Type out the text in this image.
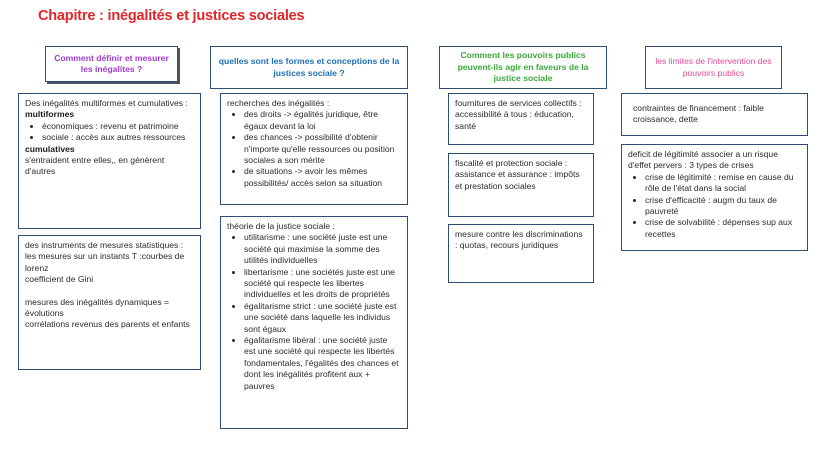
Chapitre : inégalités et justices sociales
Comment définir et mesurer les inégalites ?

Des inégalités multiformes et cumulatives :

multiformes

• économiques : revenu et patrimoine
• sociale : accès aux autres ressources

cumulatives

s'entraident entre elles,, en génèrent d'autres

des instruments de mesures statistiques :

les mesures sur un instants T :courbes de lorenz

coefficient de Gini

mesures des inégalités dynamiques = évolutions

corrélations revenus des parents et enfants

quelles sont les formes et conceptions de la justices sociale ?

recherches des inégalités :

• des droits -> égalités juridique, être égaux devant la loi
• des chances -> possibilité d'obtenir n'importe qu'elle ressources ou position sociales a son mérite
• de situations -> avoir les mêmes possibilités/ accès selon sa situation

théorie de la justice sociale :

• utilitarisme : une société juste est une société qui maximise la somme des utilités individuelles
• libertarisme : une sociétés juste est une société qui respecte les libertes individuelles et les droits de propriétés
• égalitarisme strict : une société juste est une société dans laquelle les individus sont égaux
• égalitarisme libéral : une société juste est une société qui respecte les libertés fondamentales, l'égalités des chances et dont les inégalités profitent aux + pauvres
Comment les pouvoirs publics peuvent-ils agir en faveurs de la justice sociale

fournitures de services collectifs : accessibilité à tous : éducation, santé

fiscalité et protection sociale : assistance et assurance : impôts et prestation sociales

mesure contre les discriminations : quotas, recours juridiques

les limites de l'intervention des pouvoirs publics

contraintes de financement : faible croissance, dette

deficit de légitimité associer a un risque d'effet pervers : 3 types de crises

• crise de légitimité : remise en cause du rôle de l'état dans la social
• crise d'efficacité : augm du taux de pauvreté
• crise de solvabilité : dépenses sup aux recettes
